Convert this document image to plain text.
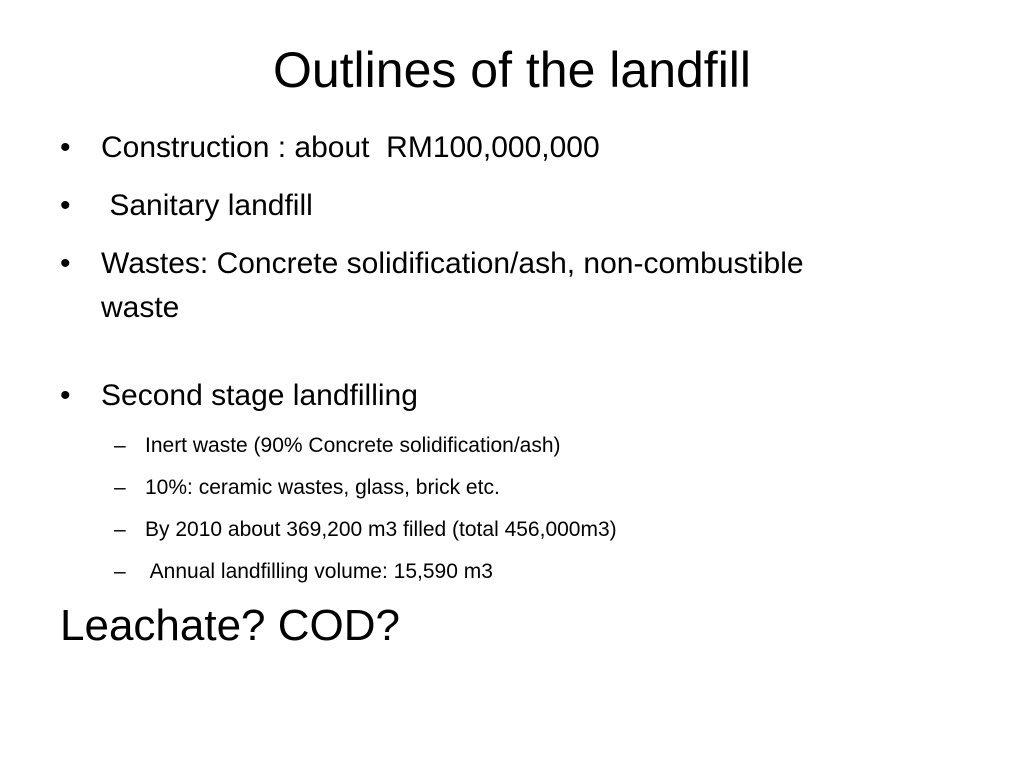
Outlines of the landfill
•	Construction : about  RM100,000,000
•	Sanitary landfill
•	Wastes: Concrete solidification/ash, non-combustible waste
•	Second stage landfilling
– Inert waste (90% Concrete solidification/ash)
– 10%: ceramic wastes, glass, brick etc.
– By 2010 about 369,200 m3 filled (total 456,000m3)
– Annual landfilling volume: 15,590 m3
Leachate? COD?
